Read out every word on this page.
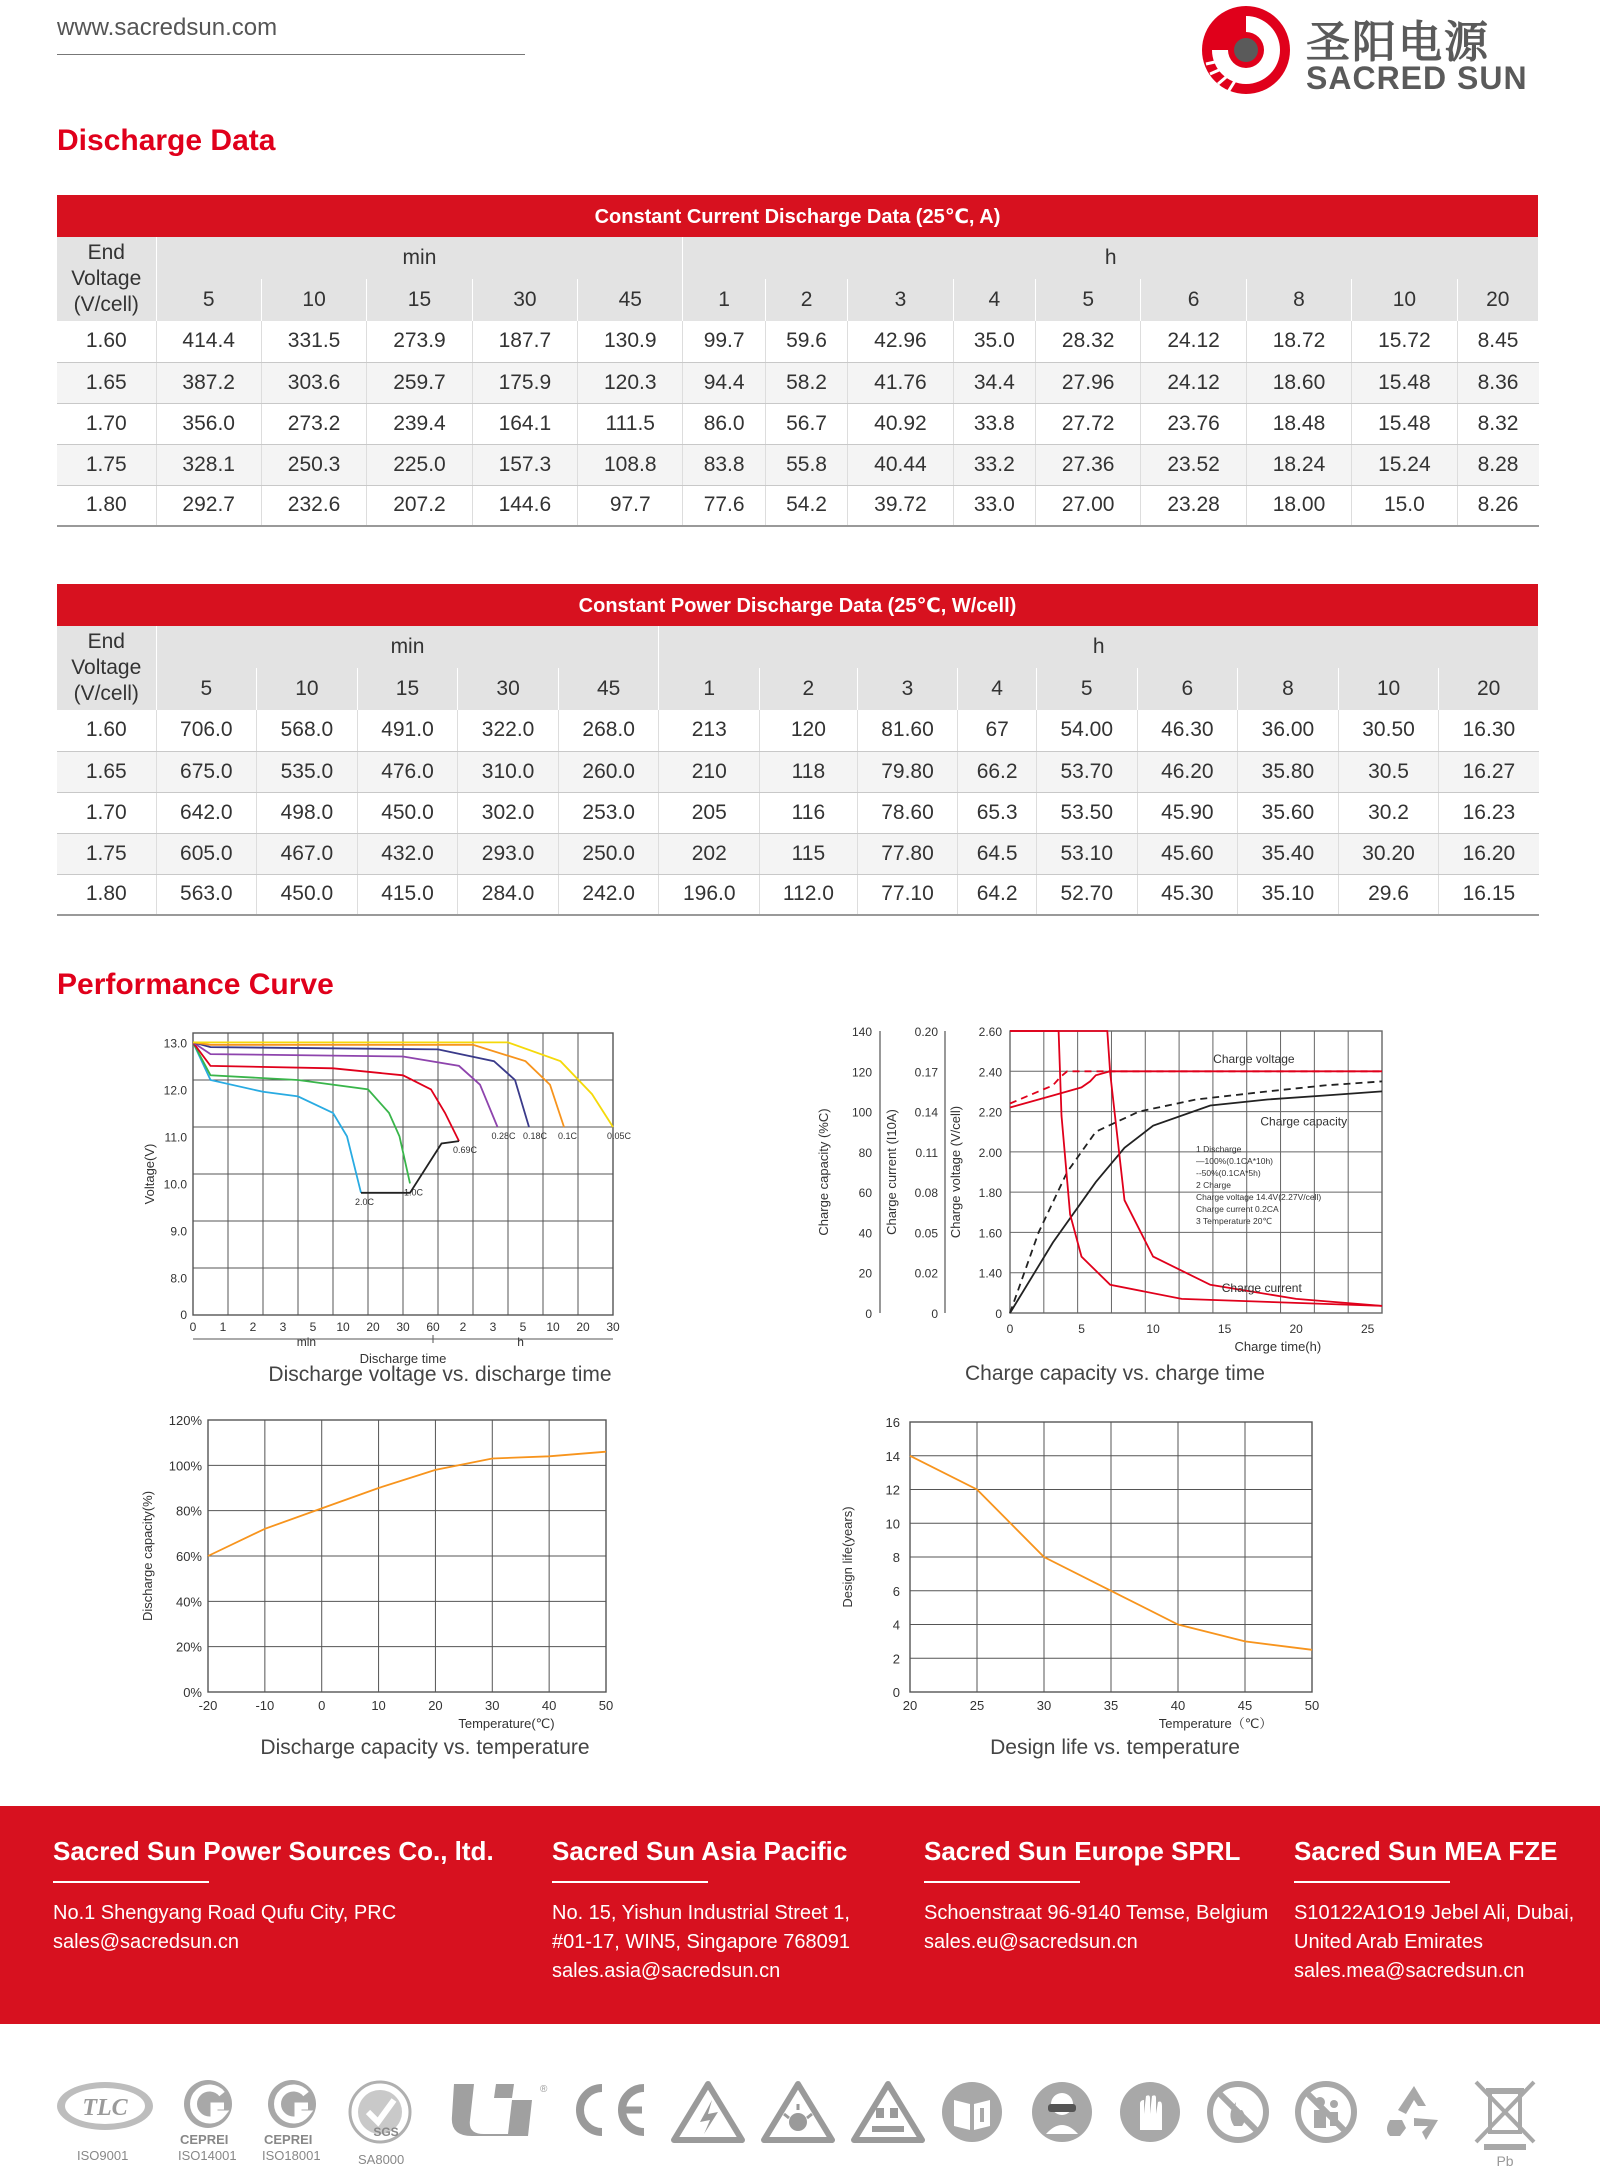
www.sacredsun.com	圣阳电源
SACRED SUN
Discharge Data
Constant Current Discharge Data (25℃, A)														

End
Voltage
(V/cell)	min					h								
	5	10	15	30	45	1	2	3	4	5	6	8	10	20
1.60	414.4	331.5	273.9	187.7	130.9	99.7	59.6	42.96	35.0	28.32	24.12	18.72	15.72	8.45
1.65	387.2	303.6	259.7	175.9	120.3	94.4	58.2	41.76	34.4	27.96	24.12	18.60	15.48	8.36
1.70	356.0	273.2	239.4	164.1	111.5	86.0	56.7	40.92	33.8	27.72	23.76	18.48	15.48	8.32
1.75	328.1	250.3	225.0	157.3	108.8	83.8	55.8	40.44	33.2	27.36	23.52	18.24	15.24	8.28
1.80	292.7	232.6	207.2	144.6	97.7	77.6	54.2	39.72	33.0	27.00	23.28	18.00	15.0	8.26
Constant Power Discharge Data (25℃, W/cell)														

End
Voltage
(V/cell)	min					h								
	5	10	15	30	45	1	2	3	4	5	6	8	10	20
1.60	706.0	568.0	491.0	322.0	268.0	213	120	81.60	67	54.00	46.30	36.00	30.50	16.30
1.65	675.0	535.0	476.0	310.0	260.0	210	118	79.80	66.2	53.70	46.20	35.80	30.5	16.27
1.70	642.0	498.0	450.0	302.0	253.0	205	116	78.60	65.3	53.50	45.90	35.60	30.2	16.23
1.75	605.0	467.0	432.0	293.0	250.0	202	115	77.80	64.5	53.10	45.60	35.40	30.20	16.20
1.80	563.0	450.0	415.0	284.0	242.0	196.0	112.0	77.10	64.2	52.70	45.30	35.10	29.6	16.15
Performance Curve
0
8.0
9.0
10.0
11.0
12.0
13.0
0 1 2 3 5 10 20 30 60 2 3 5 10 20 30
min	h
Discharge time
Voltage(V)	2.0C
1.0C
0.69C
0.28C 0.18C 0.1C	0.05C
Discharge voltage vs. discharge time
0
20
40
60
80
100
120
140
0
0.02
0.05
0.08
0.11
0.14
0.17
0.20
0
1.40
1.60
1.80
2.00
2.20
2.40
2.60
0	5	10	15	20	25
Charge time(h)
Charge capacity (%C)	Charge current (I10A)	Charge voltage (V/cell)
Charge voltage
Charge capacity
Charge current
1 Discharge
—100%(0.1CA*10h)
--50%(0.1CA*5h)
2 Charge
Charge voltage 14.4V(2.27V/cell)
Charge current 0.2CA
3 Temperature 20℃
Charge capacity vs. charge time
0%
20%
40%
60%
80%
100%
120%
-20	-10	0	10	20	30	40	50
Temperature(℃)
Discharge capacity(%)
Discharge capacity vs. temperature
0
2
4
6
8
10
12
14
16
20	25	30	35	40	45	50
Temperature（℃）
Design life(years)
Design life vs. temperature
Sacred Sun Power Sources Co., ltd.
No.1 Shengyang Road Qufu City, PRC
sales@sacredsun.cn
Sacred Sun Asia Pacific
No. 15, Yishun Industrial Street 1,
#01-17, WIN5, Singapore 768091
sales.asia@sacredsun.cn
Sacred Sun Europe SPRL
Schoenstraat 96-9140 Temse, Belgium
sales.eu@sacredsun.cn
Sacred Sun MEA FZE
S10122A1O19 Jebel Ali, Dubai,
United Arab Emirates
sales.mea@sacredsun.cn
TLC
ISO9001
CEPREI
ISO14001
CEPREI
ISO18001
SGS
SA8000
®
Pb
